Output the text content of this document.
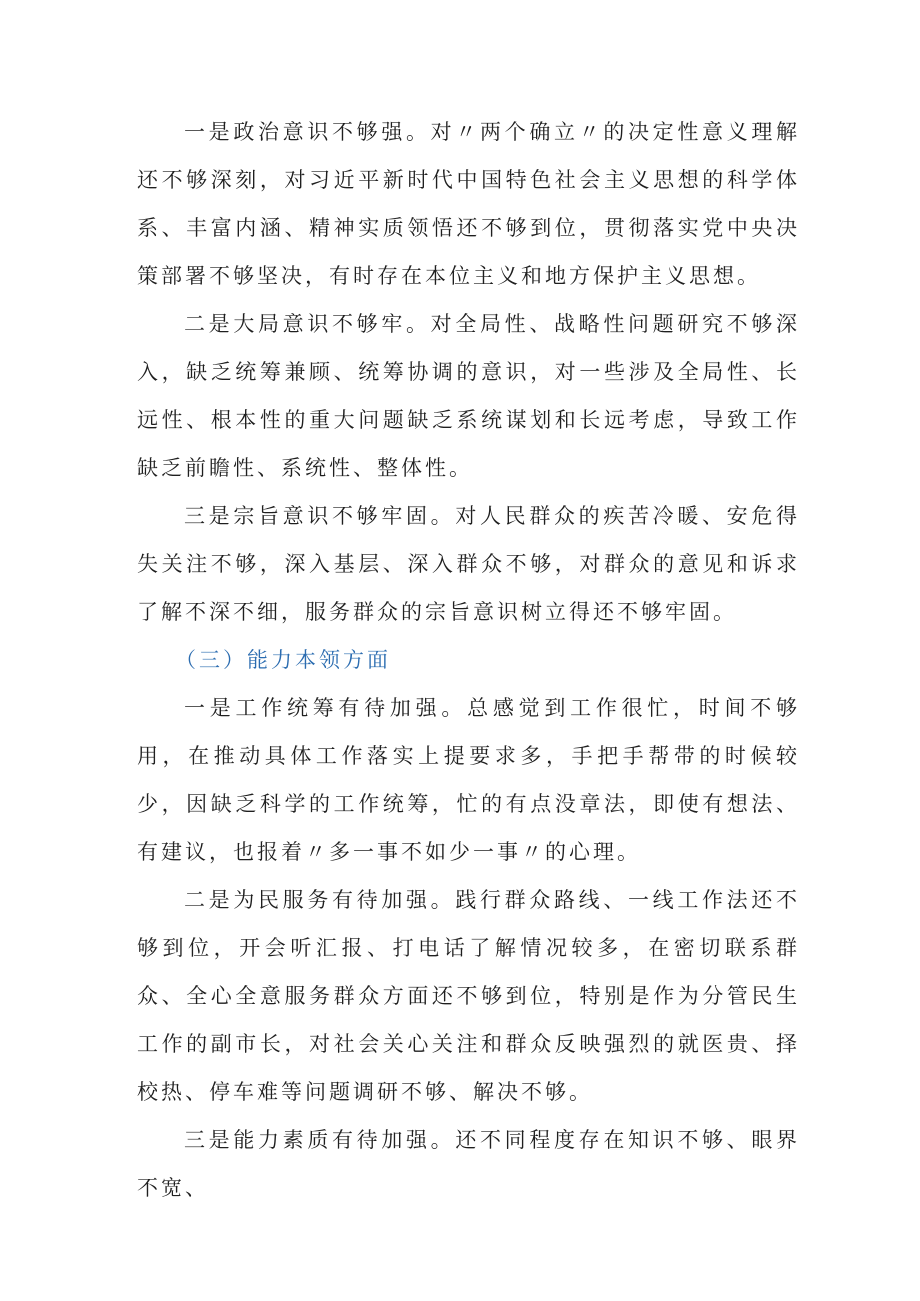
一是政治意识不够强。对〃两个确立〃的决定性意义理解还不够深刻，对习近平新时代中国特色社会主义思想的科学体系、丰富内涵、精神实质领悟还不够到位，贯彻落实党中央决策部署不够坚决，有时存在本位主义和地方保护主义思想。

二是大局意识不够牢。对全局性、战略性问题研究不够深入，缺乏统筹兼顾、统筹协调的意识，对一些涉及全局性、长远性、根本性的重大问题缺乏系统谋划和长远考虑，导致工作缺乏前瞻性、系统性、整体性。

三是宗旨意识不够牢固。对人民群众的疾苦冷暖、安危得失关注不够，深入基层、深入群众不够，对群众的意见和诉求了解不深不细，服务群众的宗旨意识树立得还不够牢固。

（三）能力本领方面

一是工作统筹有待加强。总感觉到工作很忙，时间不够用，在推动具体工作落实上提要求多，手把手帮带的时候较少，因缺乏科学的工作统筹，忙的有点没章法，即使有想法、有建议，也报着〃多一事不如少一事〃的心理。

二是为民服务有待加强。践行群众路线、一线工作法还不够到位，开会听汇报、打电话了解情况较多，在密切联系群众、全心全意服务群众方面还不够到位，特别是作为分管民生工作的副市长，对社会关心关注和群众反映强烈的就医贵、择校热、停车难等问题调研不够、解决不够。

三是能力素质有待加强。还不同程度存在知识不够、眼界不宽、
